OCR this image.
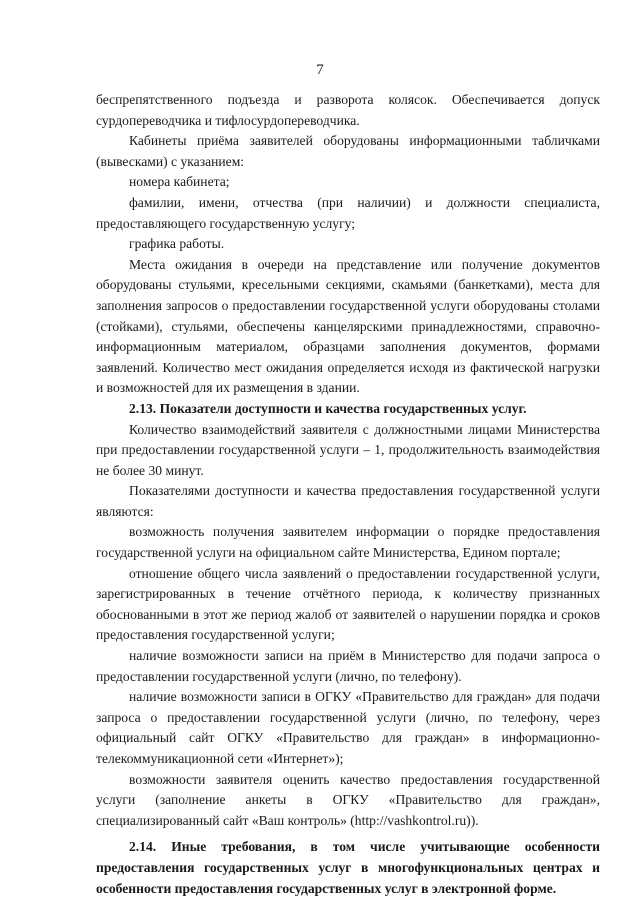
7

беспрепятственного подъезда и разворота колясок. Обеспечивается допуск сурдопереводчика и тифлосурдопереводчика.

Кабинеты приёма заявителей оборудованы информационными табличками (вывесками) с указанием:

номера кабинета;

фамилии, имени, отчества (при наличии) и должности специалиста, предоставляющего государственную услугу;

графика работы.

Места ожидания в очереди на представление или получение документов оборудованы стульями, кресельными секциями, скамьями (банкетками), места для заполнения запросов о предоставлении государственной услуги оборудованы столами (стойками), стульями, обеспечены канцелярскими принадлежностями, справочно-информационным материалом, образцами заполнения документов, формами заявлений. Количество мест ожидания определяется исходя из фактической нагрузки и возможностей для их размещения в здании.

2.13. Показатели доступности и качества государственных услуг.

Количество взаимодействий заявителя с должностными лицами Министерства при предоставлении государственной услуги – 1, продолжительность взаимодействия не более 30 минут.

Показателями доступности и качества предоставления государственной услуги являются:

возможность получения заявителем информации о порядке предоставления государственной услуги на официальном сайте Министерства, Едином портале;

отношение общего числа заявлений о предоставлении государственной услуги, зарегистрированных в течение отчётного периода, к количеству признанных обоснованными в этот же период жалоб от заявителей о нарушении порядка и сроков предоставления государственной услуги;

наличие возможности записи на приём в Министерство для подачи запроса о предоставлении государственной услуги (лично, по телефону).

наличие возможности записи в ОГКУ «Правительство для граждан» для подачи запроса о предоставлении государственной услуги (лично, по телефону, через официальный сайт ОГКУ «Правительство для граждан» в информационно-телекоммуникационной сети «Интернет»);

возможности заявителя оценить качество предоставления государственной услуги (заполнение анкеты в ОГКУ «Правительство для граждан», специализированный сайт «Ваш контроль» (http://vashkontrol.ru)).

2.14. Иные требования, в том числе учитывающие особенности предоставления государственных услуг в многофункциональных центрах и особенности предоставления государственных услуг в электронной форме.
